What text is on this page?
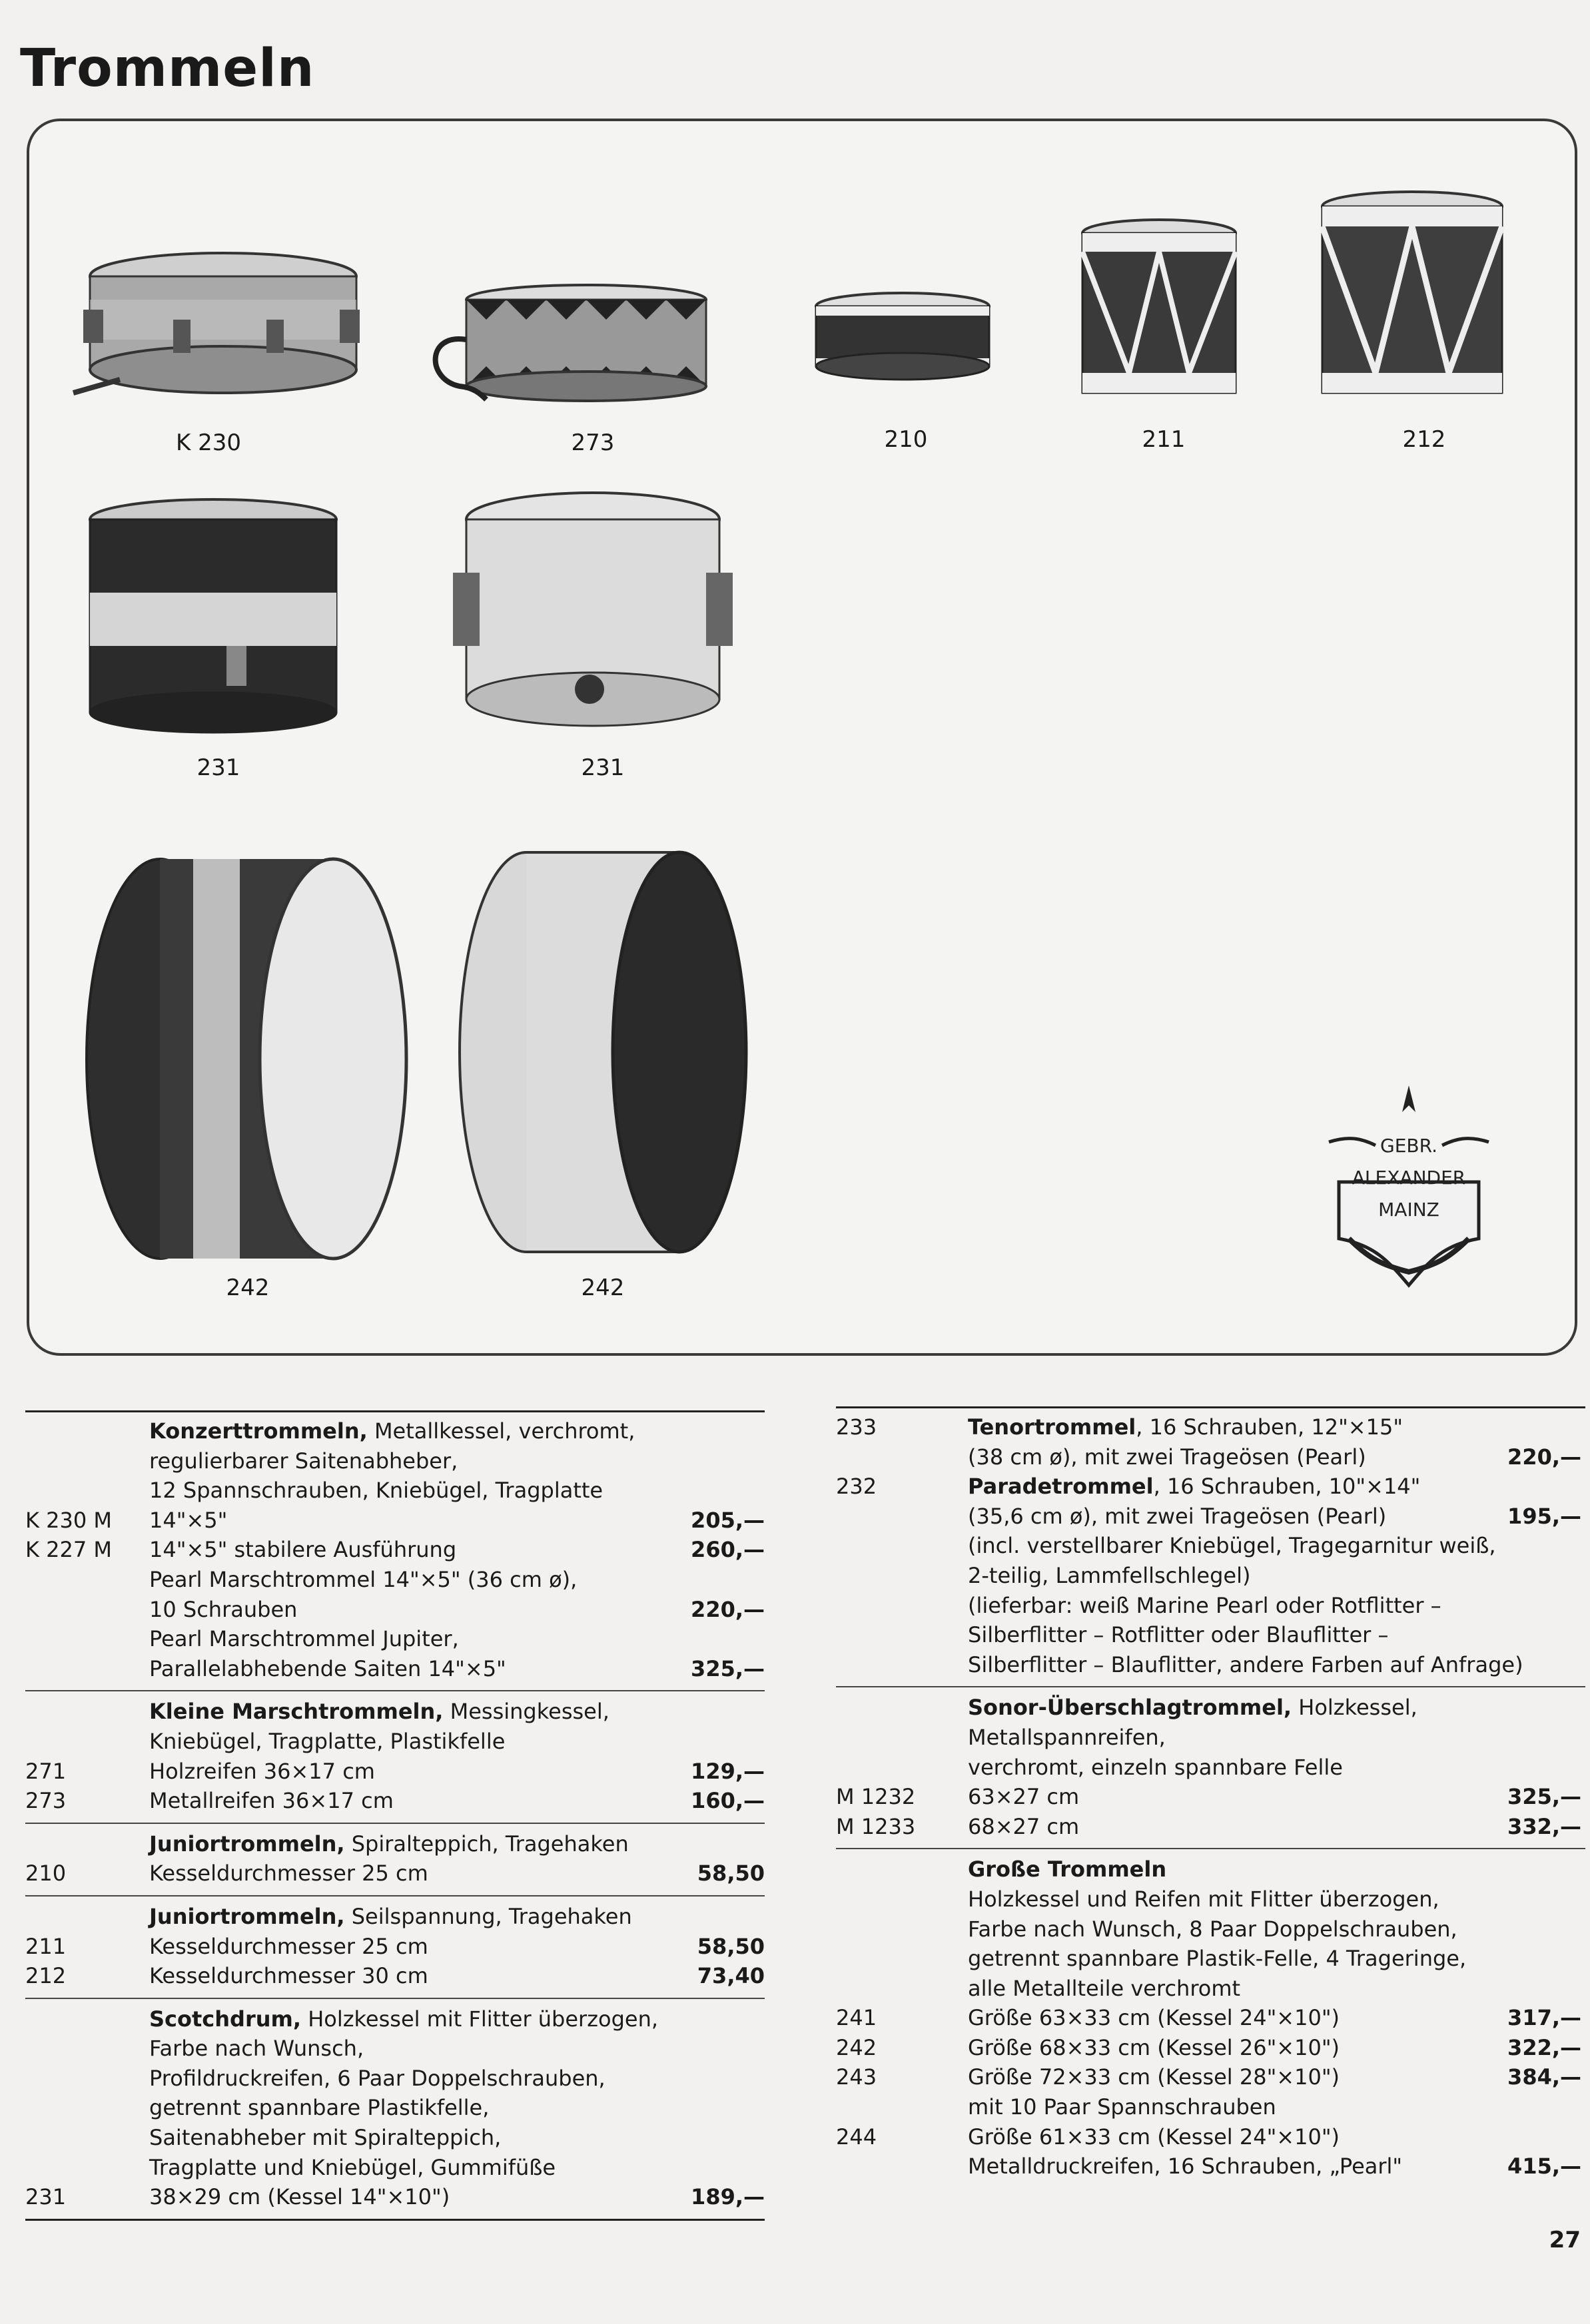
Trommeln
K 230	273	210	211	212
231	231
242	242
GEBR.
ALEXANDER
MAINZ
Konzerttrommeln, Metallkessel, verchromt,
regulierbarer Saitenabheber,
12 Spannschrauben, Kniebügel, Tragplatte
K 230 M 14"×5"	205,—
K 227 M 14"×5" stabilere Ausführung	260,—
Pearl Marschtrommel 14"×5" (36 cm ø),
10 Schrauben	220,—
Pearl Marschtrommel Jupiter,
Parallelabhebende Saiten 14"×5"	325,—
Kleine Marschtrommeln, Messingkessel,
Kniebügel, Tragplatte, Plastikfelle
271	Holzreifen 36×17 cm	129,—
273	Metallreifen 36×17 cm	160,—
Juniortrommeln, Spiralteppich, Tragehaken
210	Kesseldurchmesser 25 cm	58,50
Juniortrommeln, Seilspannung, Tragehaken
211	Kesseldurchmesser 25 cm	58,50
212	Kesseldurchmesser 30 cm	73,40
Scotchdrum, Holzkessel mit Flitter überzogen,
Farbe nach Wunsch,
Profildruckreifen, 6 Paar Doppelschrauben,
getrennt spannbare Plastikfelle,
Saitenabheber mit Spiralteppich,
Tragplatte und Kniebügel, Gummifüße
231	38×29 cm (Kessel 14"×10")	189,—
233	Tenortrommel, 16 Schrauben, 12"×15"
(38 cm ø), mit zwei Trageösen (Pearl)	220,—
232	Paradetrommel, 16 Schrauben, 10"×14"
(35,6 cm ø), mit zwei Trageösen (Pearl)	195,—
(incl. verstellbarer Kniebügel, Tragegarnitur weiß,
2-teilig, Lammfellschlegel)
(lieferbar: weiß Marine Pearl oder Rotflitter –
Silberflitter – Rotflitter oder Blauflitter –
Silberflitter – Blauflitter, andere Farben auf Anfrage)
Sonor-Überschlagtrommel, Holzkessel,
Metallspannreifen,
verchromt, einzeln spannbare Felle
M 1232 63×27 cm	325,—
M 1233 68×27 cm	332,—
Große Trommeln
Holzkessel und Reifen mit Flitter überzogen,
Farbe nach Wunsch, 8 Paar Doppelschrauben,
getrennt spannbare Plastik-Felle, 4 Trageringe,
alle Metallteile verchromt
241	Größe 63×33 cm (Kessel 24"×10")	317,—
242	Größe 68×33 cm (Kessel 26"×10")	322,—
243	Größe 72×33 cm (Kessel 28"×10")	384,—
mit 10 Paar Spannschrauben
244	Größe 61×33 cm (Kessel 24"×10")
Metalldruckreifen, 16 Schrauben, „Pearl"	415,—
27
